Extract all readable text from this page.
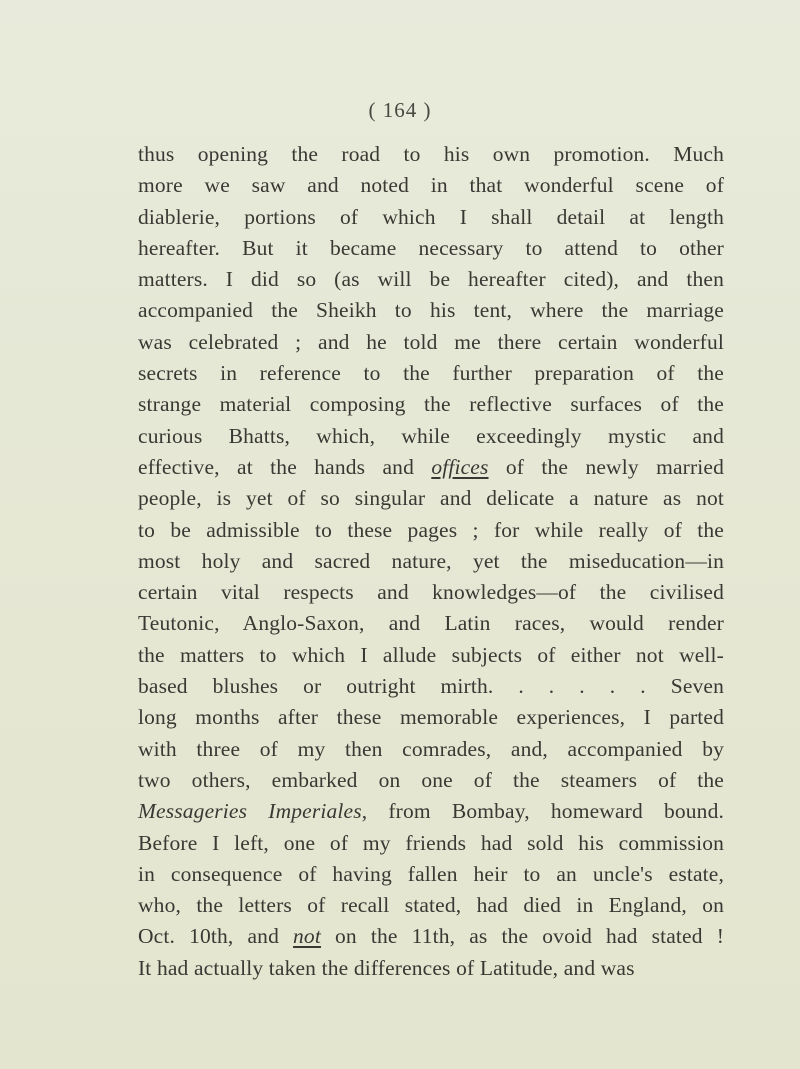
( 164 )
thus opening the road to his own promotion. Much
more we saw and noted in that wonderful scene of
diablerie, portions of which I shall detail at length
hereafter. But it became necessary to attend to other
matters. I did so (as will be hereafter cited), and then
accompanied the Sheikh to his tent, where the marriage
was celebrated ; and he told me there certain wonderful
secrets in reference to the further preparation of the
strange material composing the reflective surfaces of the
curious Bhatts, which, while exceedingly mystic and
effective, at the hands and offices of the newly married
people, is yet of so singular and delicate a nature as not
to be admissible to these pages ; for while really of the
most holy and sacred nature, yet the miseducation—in
certain vital respects and knowledges—of the civilised
Teutonic, Anglo-Saxon, and Latin races, would render
the matters to which I allude subjects of either not well-
based blushes or outright mirth. . . . . . Seven
long months after these memorable experiences, I parted
with three of my then comrades, and, accompanied by
two others, embarked on one of the steamers of the
Messageries Imperiales, from Bombay, homeward bound.
Before I left, one of my friends had sold his commission
in consequence of having fallen heir to an uncle's estate,
who, the letters of recall stated, had died in England, on
Oct. 10th, and not on the 11th, as the ovoid had stated !
It had actually taken the differences of Latitude, and was
